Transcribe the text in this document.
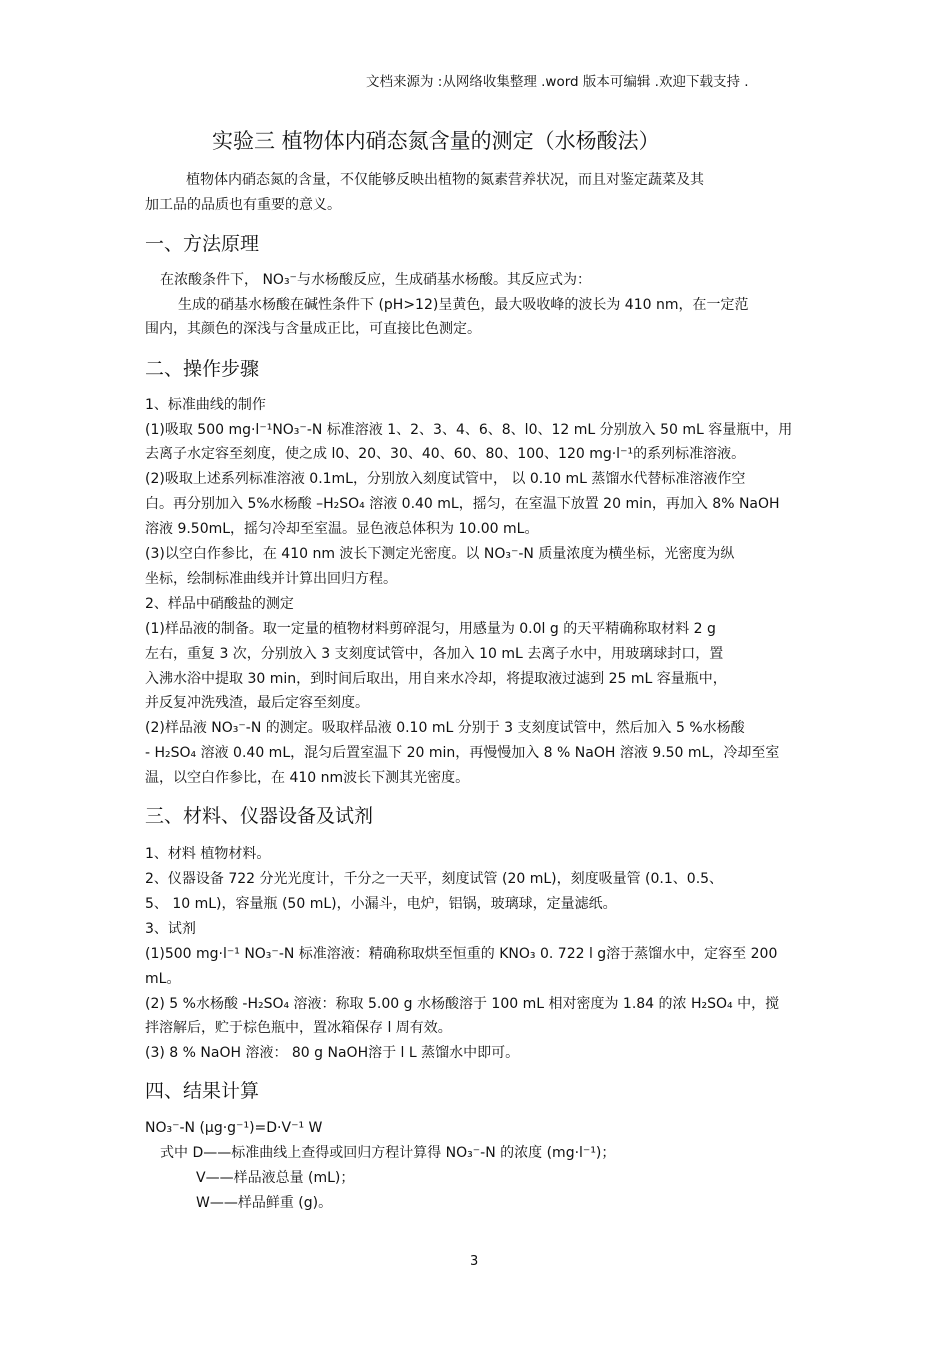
文档来源为 :从网络收集整理 .word 版本可编辑 .欢迎下载支持 .
实验三 植物体内硝态氮含量的测定（水杨酸法）
植物体内硝态氮的含量，不仅能够反映出植物的氮素营养状况，而且对鉴定蔬菜及其
加工品的品质也有重要的意义。
一、方法原理
在浓酸条件下， NO₃⁻与水杨酸反应，生成硝基水杨酸。其反应式为：
生成的硝基水杨酸在碱性条件下 (pH>12)呈黄色，最大吸收峰的波长为 410 nm，在一定范
围内，其颜色的深浅与含量成正比，可直接比色测定。
二、操作步骤
1、标准曲线的制作
(1)吸取 500 mg·l⁻¹NO₃⁻-N 标准溶液 1、2、3、4、6、8、l0、12 mL 分别放入 50 mL 容量瓶中，用
去离子水定容至刻度，使之成 l0、20、30、40、60、80、100、120 mg·l⁻¹的系列标准溶液。
(2)吸取上述系列标准溶液 0.1mL，分别放入刻度试管中， 以 0.10 mL 蒸馏水代替标准溶液作空
白。再分别加入 5%水杨酸 –H₂SO₄ 溶液 0.40 mL，摇匀，在室温下放置 20 min，再加入 8% NaOH
溶液 9.50mL，摇匀冷却至室温。显色液总体积为 10.00 mL。
(3)以空白作参比，在 410 nm 波长下测定光密度。以 NO₃⁻-N 质量浓度为横坐标，光密度为纵
坐标，绘制标准曲线并计算出回归方程。
2、样品中硝酸盐的测定
(1)样品液的制备。取一定量的植物材料剪碎混匀，用感量为 0.0l g 的天平精确称取材料 2 g
左右，重复 3 次，分别放入 3 支刻度试管中，各加入 10 mL 去离子水中，用玻璃球封口，置
入沸水浴中提取 30 min，到时间后取出，用自来水冷却，将提取液过滤到 25 mL 容量瓶中，
并反复冲洗残渣，最后定容至刻度。
(2)样品液 NO₃⁻-N 的测定。吸取样品液 0.10 mL 分别于 3 支刻度试管中，然后加入 5 %水杨酸
- H₂SO₄ 溶液 0.40 mL，混匀后置室温下 20 min，再慢慢加入 8 % NaOH 溶液 9.50 mL，冷却至室
温，以空白作参比，在 410 nm波长下测其光密度。
三、材料、仪器设备及试剂
1、材料 植物材料。
2、仪器设备 722 分光光度计，千分之一天平，刻度试管 (20 mL)，刻度吸量管 (0.1、0.5、
5、 10 mL)，容量瓶 (50 mL)，小漏斗，电炉，铝锅，玻璃球，定量滤纸。
3、试剂
(1)500 mg·l⁻¹ NO₃⁻-N 标准溶液：精确称取烘至恒重的 KNO₃ 0. 722 l g溶于蒸馏水中，定容至 200
mL。
(2) 5 %水杨酸 -H₂SO₄ 溶液：称取 5.00 g 水杨酸溶于 100 mL 相对密度为 1.84 的浓 H₂SO₄ 中，搅
拌溶解后，贮于棕色瓶中，置冰箱保存 l 周有效。
(3) 8 % NaOH 溶液： 80 g NaOH溶于 l L 蒸馏水中即可。
四、结果计算
NO₃⁻-N (μg·g⁻¹)=D·V⁻¹ W
式中 D——标准曲线上查得或回归方程计算得 NO₃⁻-N 的浓度 (mg·l⁻¹)；
V——样品液总量 (mL)；
W——样品鲜重 (g)。
3
